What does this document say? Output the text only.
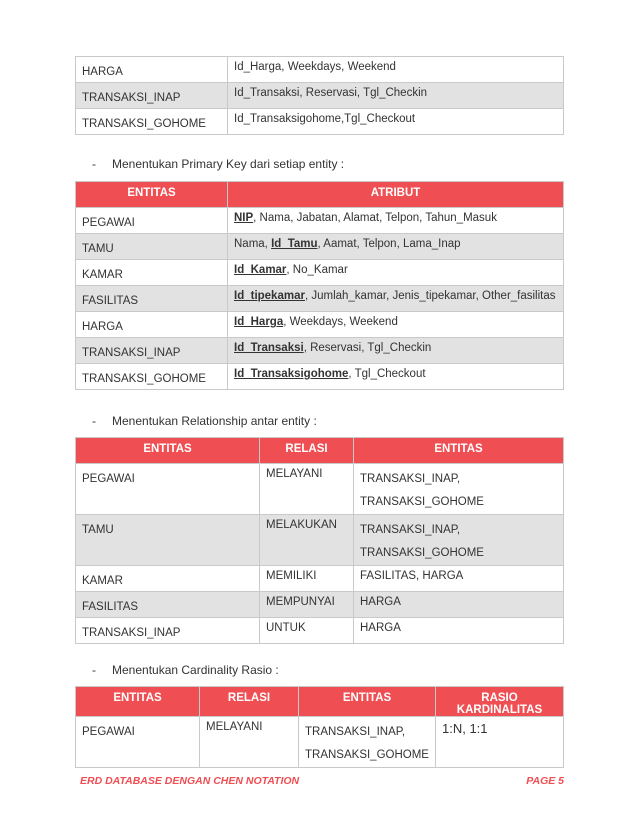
HARGA	Id_Harga, Weekdays, Weekend
TRANSAKSI_INAP	Id_Transaksi, Reservasi, Tgl_Checkin
TRANSAKSI_GOHOME	Id_Transaksigohome,Tgl_Checkout
- Menentukan Primary Key dari setiap entity :
ENTITAS	ATRIBUT
PEGAWAI	NIP, Nama, Jabatan, Alamat, Telpon, Tahun_Masuk
TAMU	Nama, Id_Tamu, Aamat, Telpon, Lama_Inap
KAMAR	Id_Kamar, No_Kamar
FASILITAS	Id_tipekamar, Jumlah_kamar, Jenis_tipekamar, Other_fasilitas
HARGA	Id_Harga, Weekdays, Weekend
TRANSAKSI_INAP	Id_Transaksi, Reservasi, Tgl_Checkin
TRANSAKSI_GOHOME	Id_Transaksigohome, Tgl_Checkout
- Menentukan Relationship antar entity :
ENTITAS	RELASI	ENTITAS
PEGAWAI	MELAYANI	TRANSAKSI_INAP,
TRANSAKSI_GOHOME

TAMU	MELAKUKAN	TRANSAKSI_INAP,
TRANSAKSI_GOHOME

KAMAR	MEMILIKI	FASILITAS, HARGA
FASILITAS	MEMPUNYAI	HARGA
TRANSAKSI_INAP	UNTUK	HARGA
- Menentukan Cardinality Rasio :
ENTITAS	RELASI	ENTITAS	RASIO KARDINALITAS
PEGAWAI	MELAYANI	TRANSAKSI_INAP,
TRANSAKSI_GOHOME	1:N, 1:1
ERD DATABASE DENGAN CHEN NOTATION	PAGE 5
